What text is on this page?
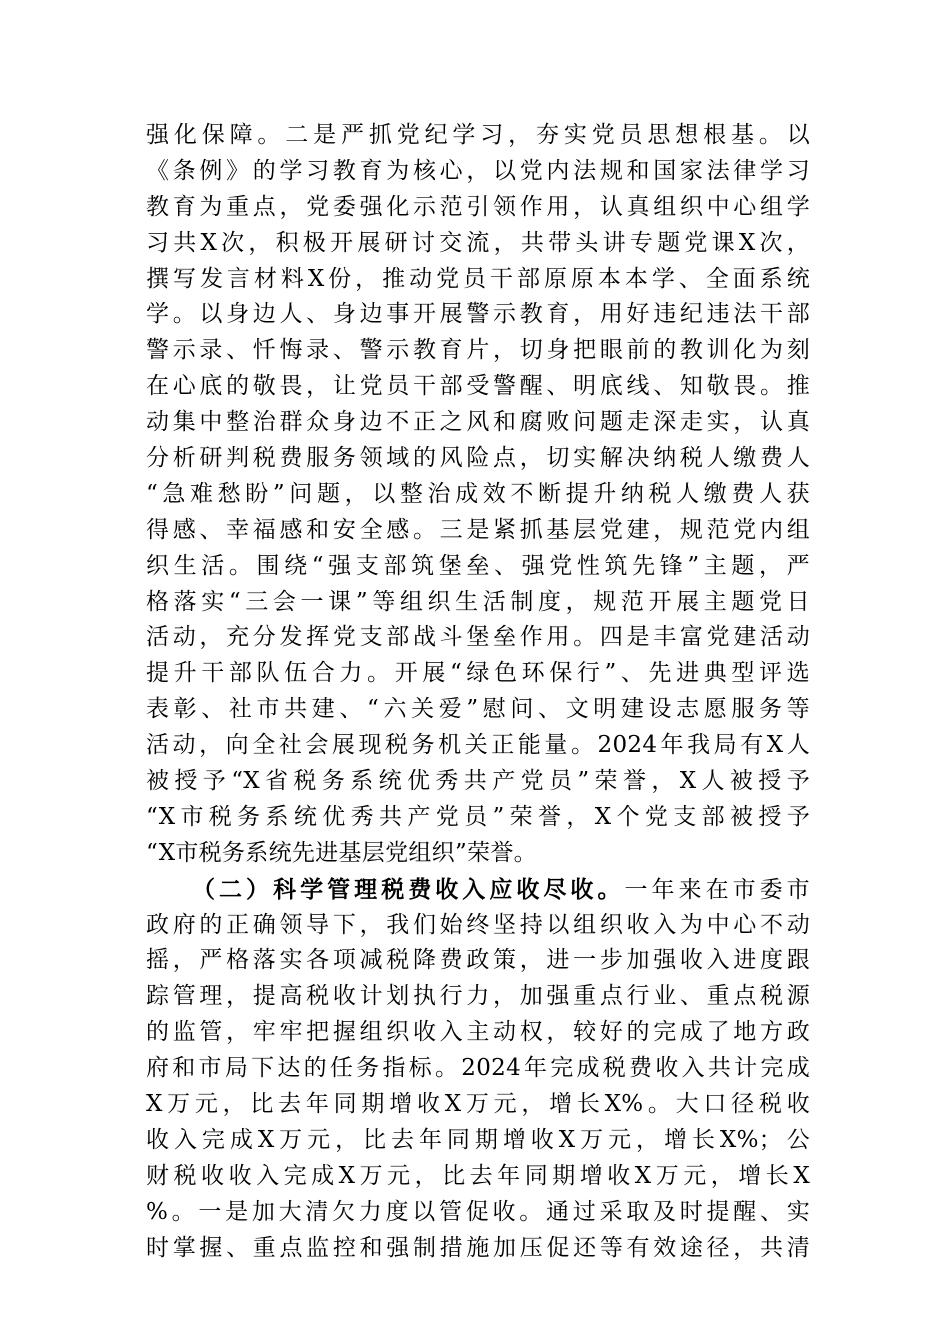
强化保障。二是严抓党纪学习，夯实党员思想根基。以
《条例》的学习教育为核心，以党内法规和国家法律学习
教育为重点，党委强化示范引领作用，认真组织中心组学
习共X次，积极开展研讨交流，共带头讲专题党课X次，
撰写发言材料X份，推动党员干部原原本本学、全面系统
学。以身边人、身边事开展警示教育，用好违纪违法干部
警示录、忏悔录、警示教育片，切身把眼前的教训化为刻
在心底的敬畏，让党员干部受警醒、明底线、知敬畏。推
动集中整治群众身边不正之风和腐败问题走深走实，认真
分析研判税费服务领域的风险点，切实解决纳税人缴费人
“急难愁盼”问题，以整治成效不断提升纳税人缴费人获
得感、幸福感和安全感。三是紧抓基层党建，规范党内组
织生活。围绕“强支部筑堡垒、强党性筑先锋”主题，严
格落实“三会一课”等组织生活制度，规范开展主题党日
活动，充分发挥党支部战斗堡垒作用。四是丰富党建活动
提升干部队伍合力。开展“绿色环保行”、先进典型评选
表彰、社市共建、“六关爱”慰问、文明建设志愿服务等
活动，向全社会展现税务机关正能量。2024年我局有X人
被授予“X省税务系统优秀共产党员”荣誉，X人被授予
“X市税务系统优秀共产党员”荣誉，X个党支部被授予
“X市税务系统先进基层党组织”荣誉。
（二）科学管理税费收入应收尽收。一年来在市委市
政府的正确领导下，我们始终坚持以组织收入为中心不动
摇，严格落实各项减税降费政策，进一步加强收入进度跟
踪管理，提高税收计划执行力，加强重点行业、重点税源
的监管，牢牢把握组织收入主动权，较好的完成了地方政
府和市局下达的任务指标。2024年完成税费收入共计完成
X万元，比去年同期增收X万元，增长X%。大口径税收
收入完成X万元，比去年同期增收X万元，增长X%；公
财税收收入完成X万元，比去年同期增收X万元，增长X
%。一是加大清欠力度以管促收。通过采取及时提醒、实
时掌握、重点监控和强制措施加压促还等有效途径，共清
